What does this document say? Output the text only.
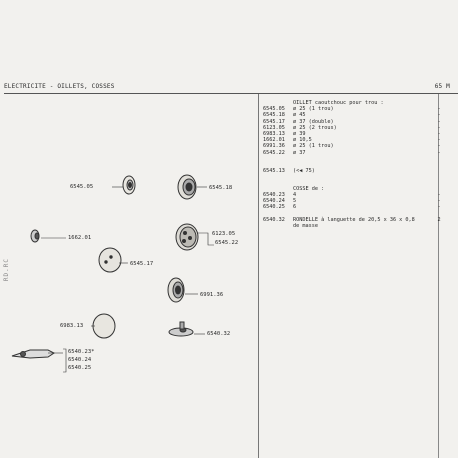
ELECTRICITE - OILLETS, COSSES	65 M
RD.RC
6545.05	6545.18
1662.01
6545.17
6123.05
6545.22
6991.36
6983.13
6540.32
6540.23*
6540.24
6540.25
OILLET caoutchouc pour trou :
6545.05 ø 25 (1 trou)	-
6545.18 ø 45	-
6545.17 ø 37 (double)	-
6123.05 ø 25 (2 trous)	-
6983.13 ø 39	-
1662.01 ø 10,5	-
6991.36 ø 25 (1 trou)	-
6545.22 ø 37	-
6545.13 (<◀ 75)
COSSE de :
6540.23 4	-
6540.24 5	-
6540.25 6	-
6540.32 RONDELLE à languette de 20,5 x 36 x 0,8	2
de masse
